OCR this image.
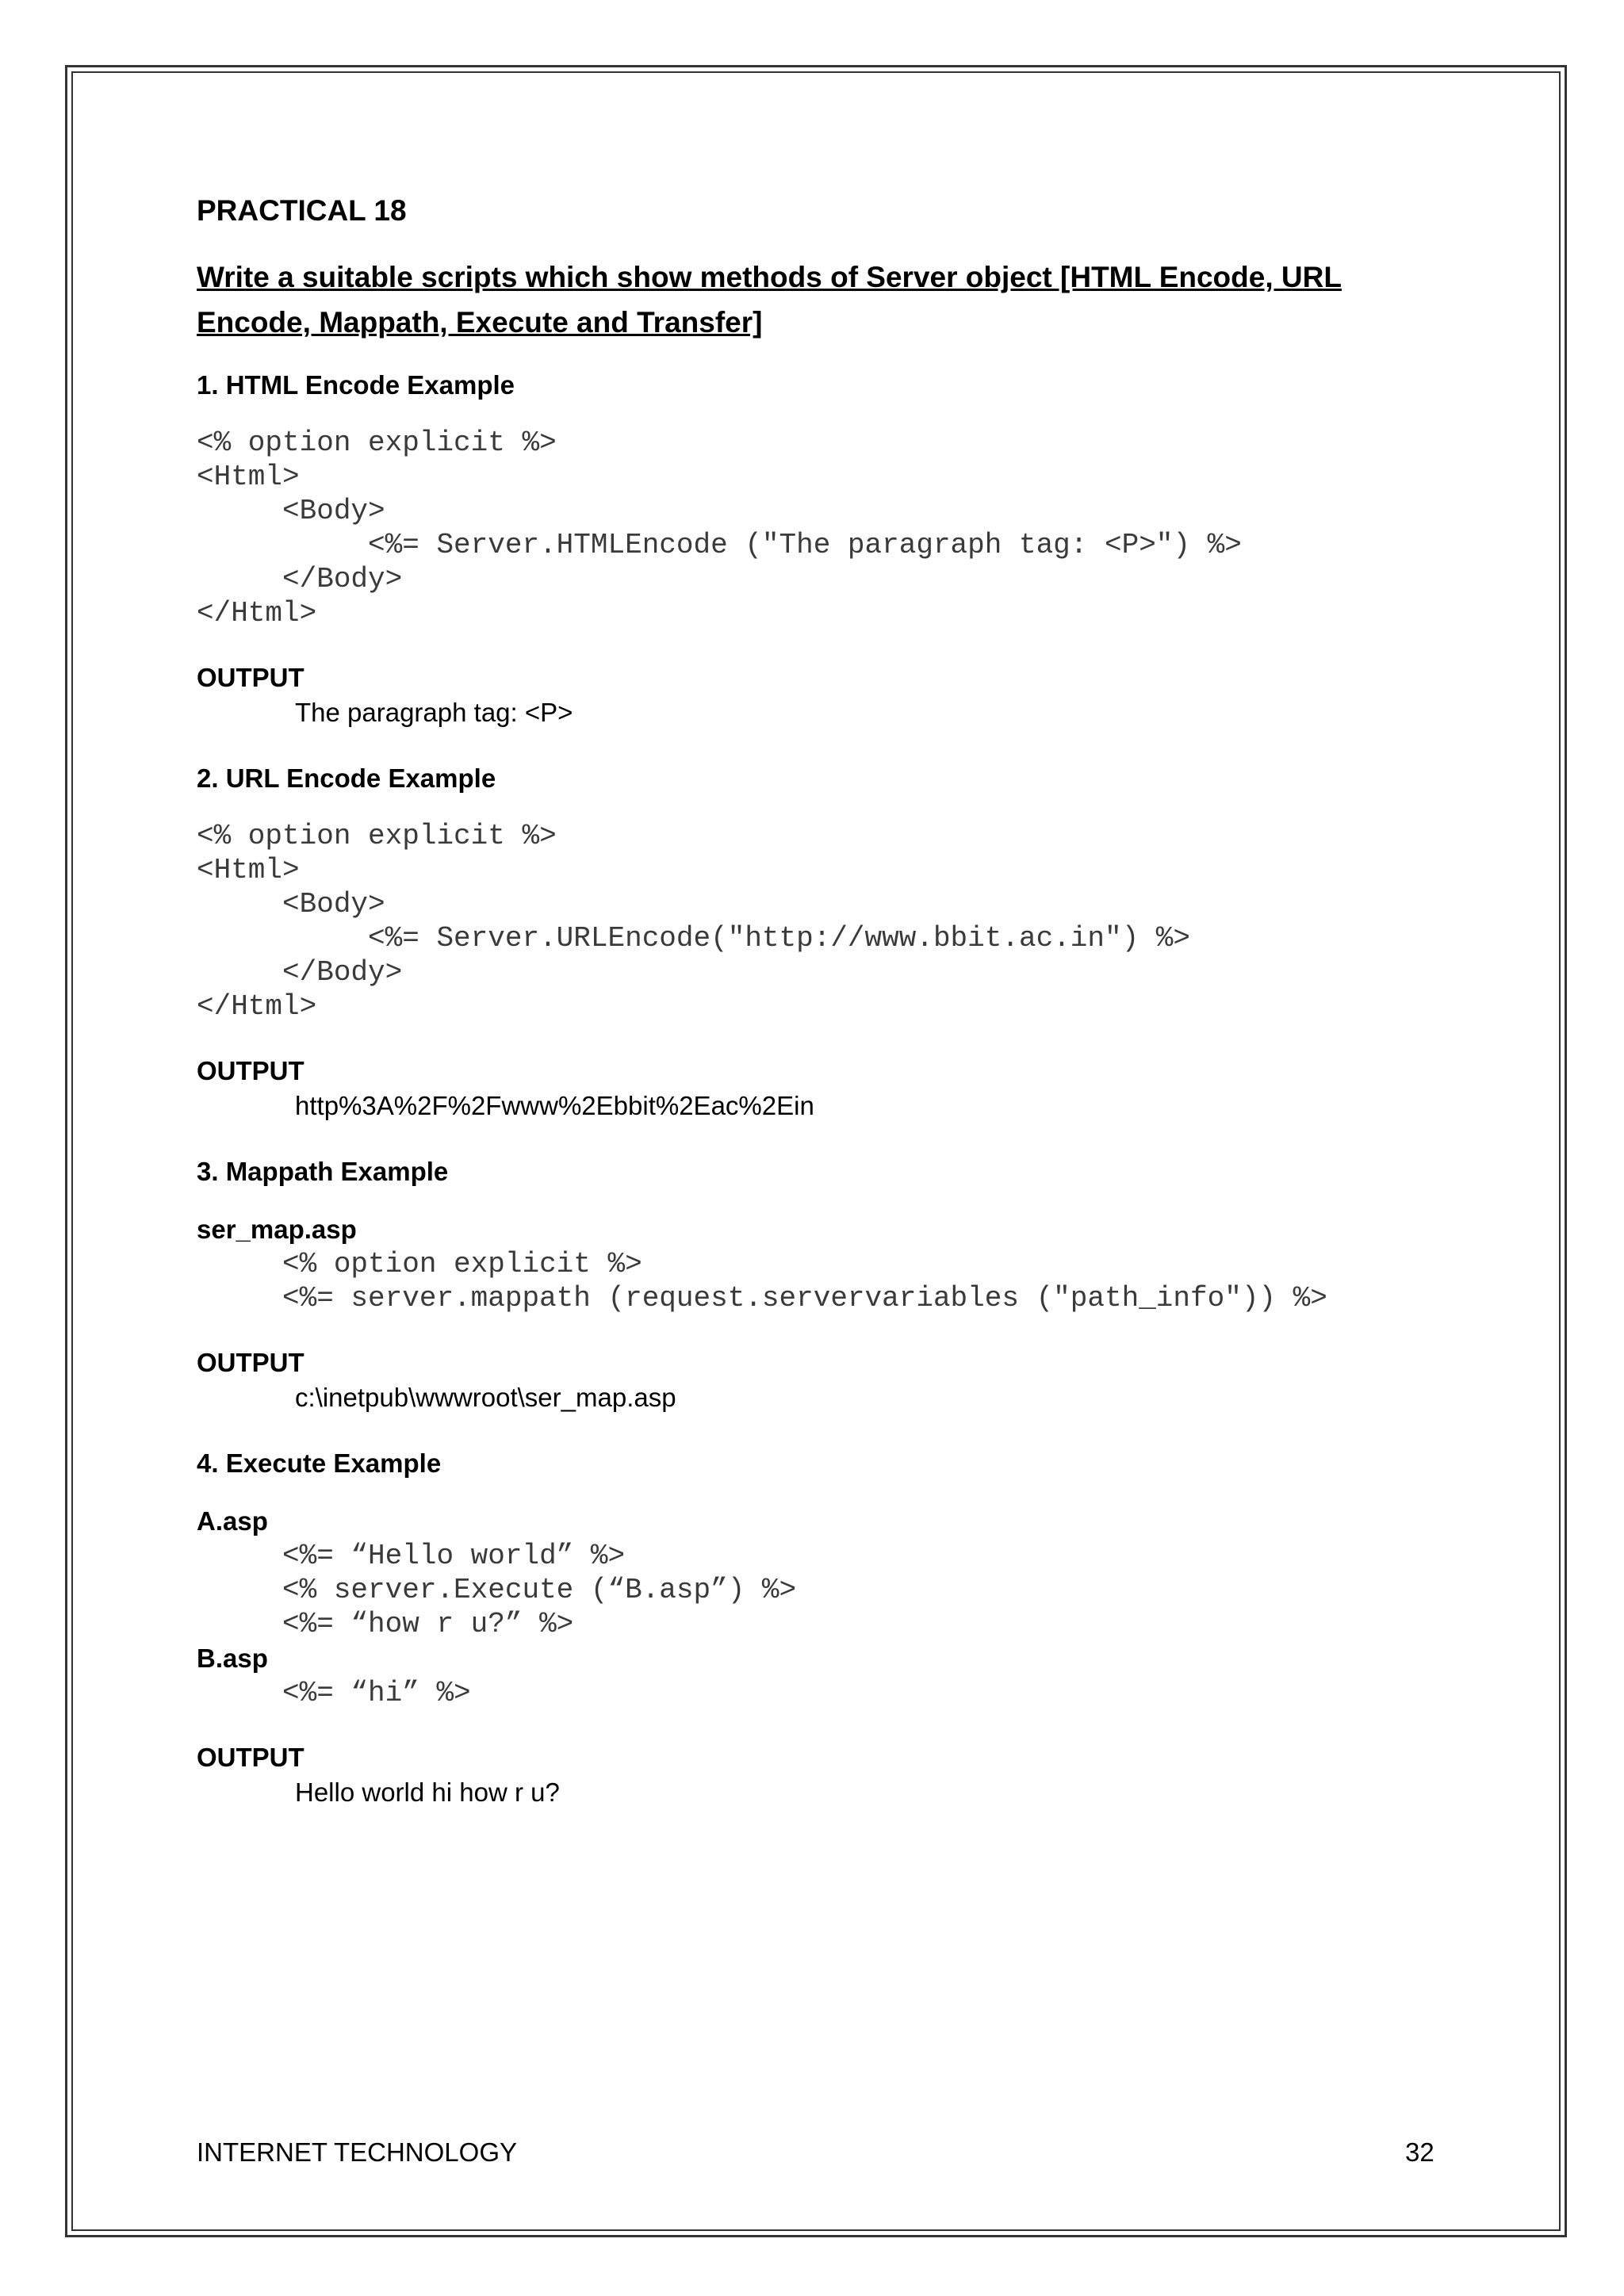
PRACTICAL 18
Write a suitable scripts which show methods of Server object [HTML Encode, URL Encode, Mappath, Execute and Transfer]
1. HTML Encode Example
<% option explicit %>
<Html>
<Body>
<%= Server.HTMLEncode ("The paragraph tag: <P>") %>
</Body>
</Html>
OUTPUT
The paragraph tag: <P>
2. URL Encode Example
<% option explicit %>
<Html>
<Body>
<%= Server.URLEncode("http://www.bbit.ac.in") %>
</Body>
</Html>
OUTPUT
http%3A%2F%2Fwww%2Ebbit%2Eac%2Ein
3. Mappath Example
ser_map.asp
<% option explicit %>
<%= server.mappath (request.servervariables ("path_info")) %>
OUTPUT
c:\inetpub\wwwroot\ser_map.asp
4. Execute Example
A.asp
<%= “Hello world” %>
<% server.Execute (“B.asp”) %>
<%= “how r u?” %>
B.asp
<%= “hi” %>
OUTPUT
Hello world hi how r u?
INTERNET TECHNOLOGY	32
